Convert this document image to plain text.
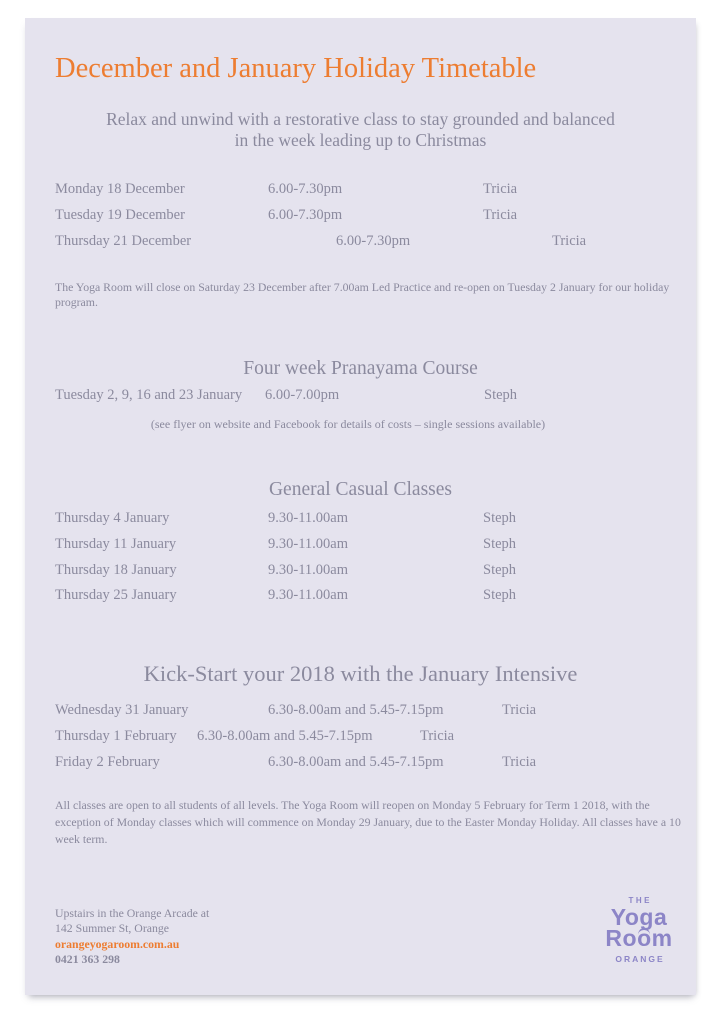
December and January Holiday Timetable
Relax and unwind with a restorative class to stay grounded and balanced
in the week leading up to Christmas
Monday 18 December	6.00-7.30pm	Tricia
Tuesday 19 December	6.00-7.30pm	Tricia
Thursday 21 December	6.00-7.30pm	Tricia
The Yoga Room will close on Saturday 23 December after 7.00am Led Practice and re-open on Tuesday 2 January for our holiday program.
Four week Pranayama Course
Tuesday 2, 9, 16 and 23 January 6.00-7.00pm	Steph
(see flyer on website and Facebook for details of costs – single sessions available)
General Casual Classes
Thursday 4 January	9.30-11.00am	Steph
Thursday 11 January	9.30-11.00am	Steph
Thursday 18 January	9.30-11.00am	Steph
Thursday 25 January	9.30-11.00am	Steph
Kick-Start your 2018 with the January Intensive
Wednesday 31 January	6.30-8.00am and 5.45-7.15pm	Tricia
Thursday 1 February 6.30-8.00am and 5.45-7.15pm	Tricia
Friday 2 February	6.30-8.00am and 5.45-7.15pm	Tricia
All classes are open to all students of all levels. The Yoga Room will reopen on Monday 5 February for Term 1 2018, with the exception of Monday classes which will commence on Monday 29 January, due to the Easter Monday Holiday. All classes have a 10 week term.
Upstairs in the Orange Arcade at
142 Summer St, Orange
orangeyogaroom.com.au
0421 363 298
THE
Yoga
Room
ORANGE
